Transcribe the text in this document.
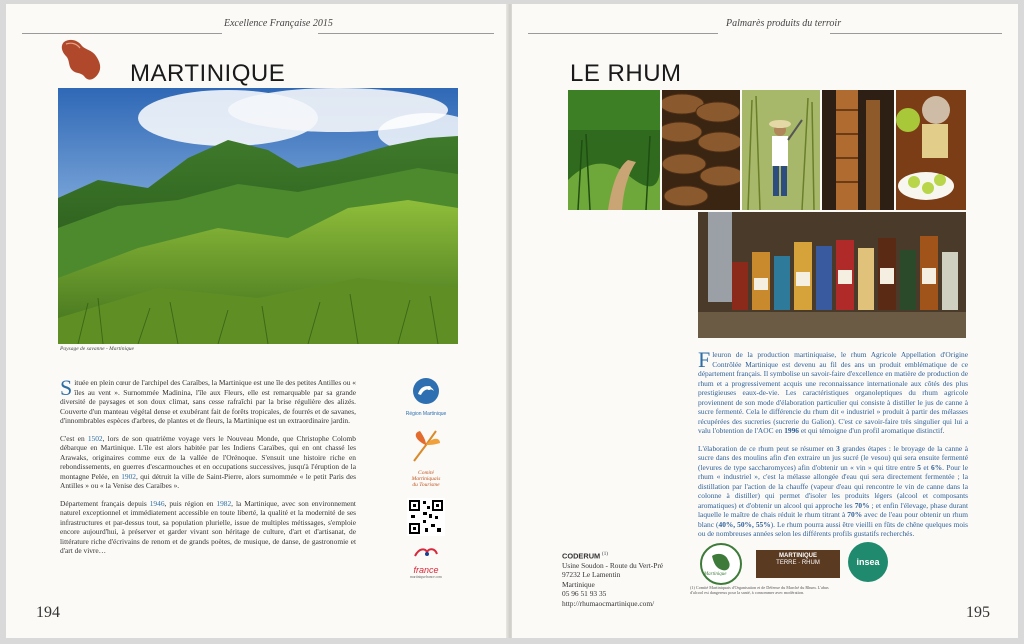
Excellence Française 2015
MARTINIQUE
Paysage de savanne - Martinique

Située en plein cœur de l'archipel des Caraïbes, la Martinique est une île des petites Antilles ou « îles au vent ». Surnommée Madinina, l'île aux Fleurs, elle est remarquable par sa grande diversité de paysages et son doux climat, sans cesse rafraîchi par la brise régulière des alizés. Couverte d'un manteau végétal dense et exubérant fait de forêts tropicales, de fourrés et de savanes, d'innombrables espèces d'arbres, de plantes et de fleurs, la Martinique est un extraordinaire jardin.

C'est en 1502, lors de son quatrième voyage vers le Nouveau Monde, que Christophe Colomb débarque en Martinique. L'île est alors habitée par les Indiens Caraïbes, qui en ont chassé les Arawaks, originaires comme eux de la vallée de l'Orénoque. S'ensuit une histoire riche en rebondissements, en guerres d'escarmouches et en occupations successives, jusqu'à l'éruption de la montagne Pelée, en 1902, qui détruit la ville de Saint-Pierre, alors surnommée « le petit Paris des Antilles » ou « la Venise des Caraïbes ».

Département français depuis 1946, puis région en 1982, la Martinique, avec son environnement naturel exceptionnel et immédiatement accessible en toute liberté, la qualité et la modernité de ses infrastructures et par-dessus tout, sa population plurielle, issue de multiples métissages, s'emploie encore aujourd'hui, à préserver et garder vivant son héritage de culture, d'art et d'artisanat, de littérature riche d'écrivains de renom et de grands poètes, de musique, de danse, de gastronomie et d'art de vivre…

Région Martinique
Comité
Martiniquais
du Tourisme
france
martiniquefrance.com
194
Palmarès produits du terroir
LE RHUM

Fleuron de la production martiniquaise, le rhum Agricole Appellation d'Origine Contrôlée Martinique est devenu au fil des ans un produit emblématique de ce département français. Il symbolise un savoir-faire d'excellence en matière de production de rhum et a progressivement acquis une reconnaissance internationale aux côtés des plus prestigieuses eaux-de-vie. Les caractéristiques organoleptiques du rhum agricole proviennent de son mode d'élaboration particulier qui consiste à distiller le jus de canne à sucre fermenté. Cela le différencie du rhum dit « industriel » produit à partir des mélasses récupérées des sucreries (sucrerie du Galion). C'est ce savoir-faire très singulier qui lui a valu l'obtention de l'AOC en 1996 et qui témoigne d'un profil aromatique distinctif.

L'élaboration de ce rhum peut se résumer en 3 grandes étapes : le broyage de la canne à sucre dans des moulins afin d'en extraire un jus sucré (le vesou) qui sera ensuite fermenté (levures de type saccharomyces) afin d'obtenir un « vin » qui titre entre 5 et 6%. Pour le rhum « industriel », c'est la mélasse allongée d'eau qui sera directement fermentée ; la distillation par l'action de la chauffe (vapeur d'eau qui rencontre le vin de canne dans la colonne à distiller) qui permet d'isoler les produits légers (alcool et composants aromatiques) et d'obtenir un alcool qui approche les 70% ; et enfin l'élevage, phase durant laquelle le maître de chais réduit le rhum titrant à 70% avec de l'eau pour obtenir un rhum blanc (40%, 50%, 55%). Le rhum pourra aussi être vieilli en fûts de chêne quelques mois ou de nombreuses années selon les différents profils gustatifs recherchés.

Martinique
MARTINIQUE
TERRE · RHUM	insea
195
CODERUM $^{(1)}$
Usine Soudon - Route du Vert-Pré
97232 Le Lamentin
Martinique
05 96 51 93 35
http://rhumaocmartinique.com/
(1) Comité Martiniquais d'Organisation et de Défense du Marché du Rhum. L'abus d'alcool est dangereux pour la santé, à consommer avec modération.
